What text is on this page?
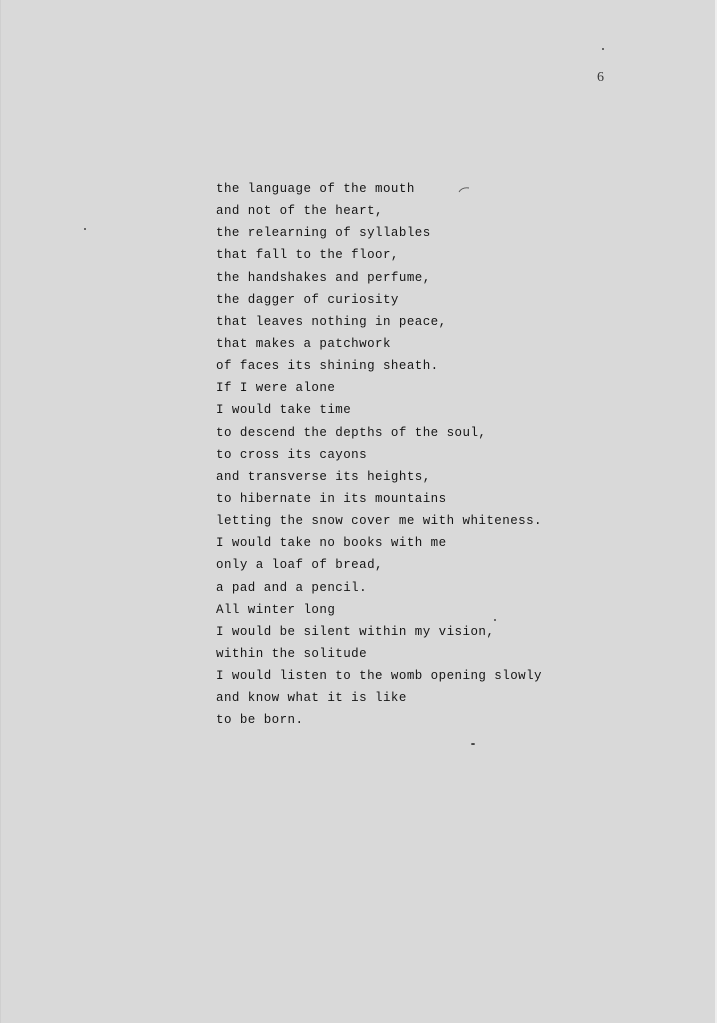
6
the language of the mouth
and not of the heart,
the relearning of syllables
that fall to the floor,
the handshakes and perfume,
the dagger of curiosity
that leaves nothing in peace,
that makes a patchwork
of faces its shining sheath.
If I were alone
I would take time
to descend the depths of the soul,
to cross its cayons
and transverse its heights,
to hibernate in its mountains
letting the snow cover me with whiteness.
I would take no books with me
only a loaf of bread,
a pad and a pencil.
All winter long
I would be silent within my vision,
within the solitude
I would listen to the womb opening slowly
and know what it is like
to be born.
